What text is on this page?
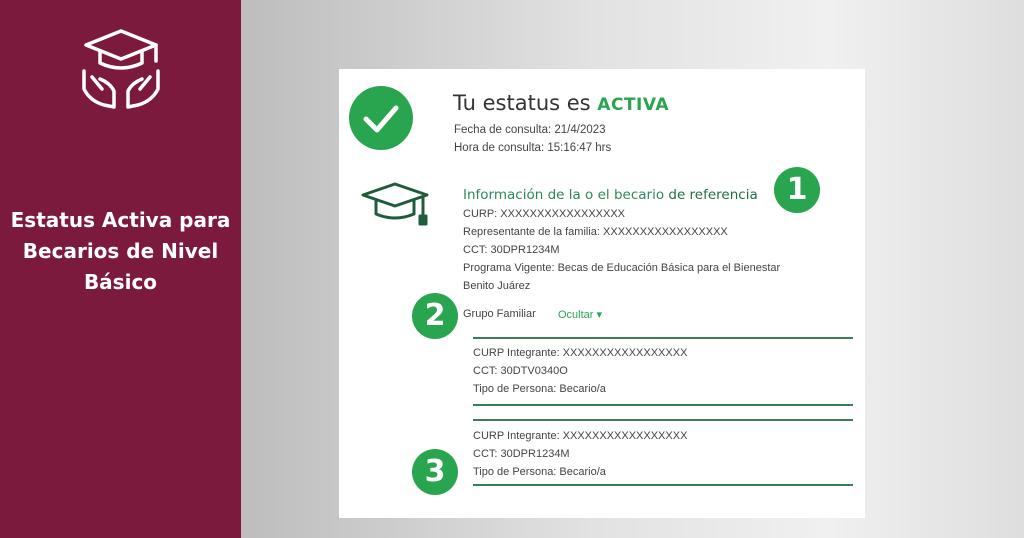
Estatus Activa para
Becarios de Nivel
Básico
Tu estatus es ACTIVA
Fecha de consulta: 21/4/2023
Hora de consulta: 15:16:47 hrs
Información de la o el becario de referencia 1
CURP: XXXXXXXXXXXXXXXXX
Representante de la familia: XXXXXXXXXXXXXXXXX
CCT: 30DPR1234M
Programa Vigente: Becas de Educación Básica para el Bienestar
Benito Juárez
2	Grupo Familiar Ocultar ▾
CURP Integrante: XXXXXXXXXXXXXXXXX
CCT: 30DTV0340O
Tipo de Persona: Becario/a
CURP Integrante: XXXXXXXXXXXXXXXXX
CCT: 30DPR1234M
Tipo de Persona: Becario/a
3
